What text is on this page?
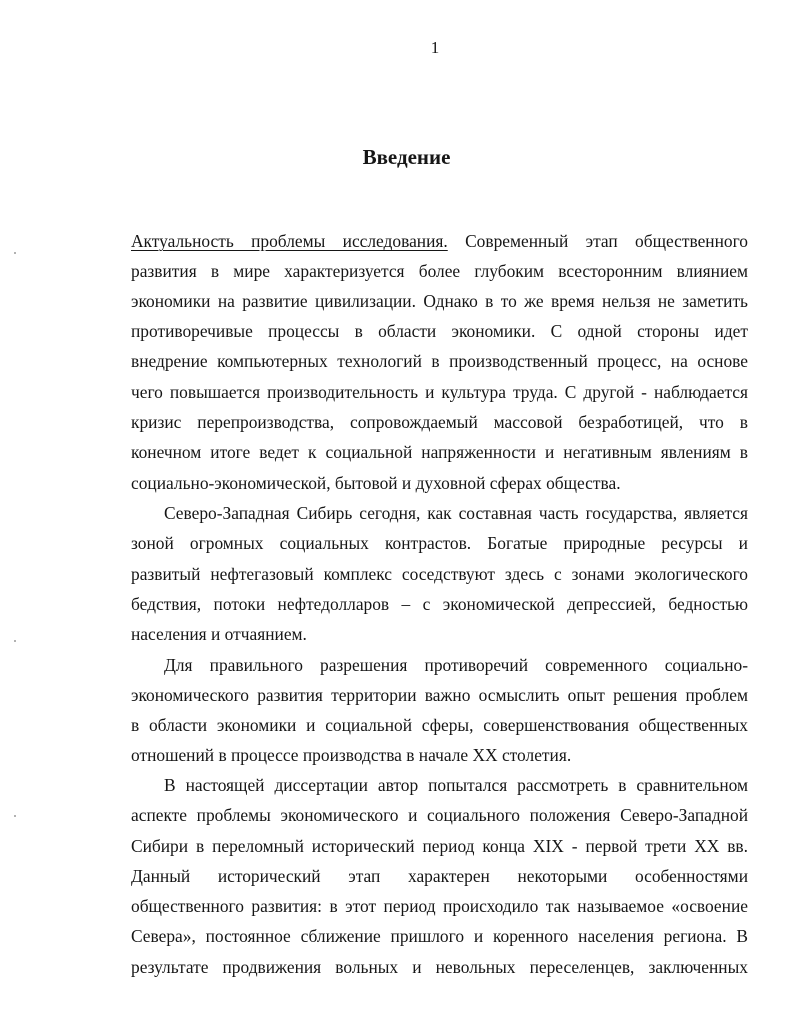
1
Введение
Актуальность проблемы исследования. Современный этап общественного
развития в мире характеризуется более глубоким всесторонним влиянием
экономики на развитие цивилизации. Однако в то же время нельзя не заметить
противоречивые процессы в области экономики. С одной стороны идет
внедрение компьютерных технологий в производственный процесс, на основе
чего повышается производительность и культура труда. С другой - наблюдается
кризис перепроизводства, сопровождаемый массовой безработицей, что в
конечном итоге ведет к социальной напряженности и негативным явлениям в
социально-экономической, бытовой и духовной сферах общества.
Северо-Западная Сибирь сегодня, как составная часть государства, является
зоной огромных социальных контрастов. Богатые природные ресурсы и
развитый нефтегазовый комплекс соседствуют здесь с зонами экологического
бедствия, потоки нефтедолларов – с экономической депрессией, бедностью
населения и отчаянием.
Для правильного разрешения противоречий современного социально-
экономического развития территории важно осмыслить опыт решения проблем
в области экономики и социальной сферы, совершенствования общественных
отношений в процессе производства в начале XX столетия.
В настоящей диссертации автор попытался рассмотреть в сравнительном
аспекте проблемы экономического и социального положения Северо-Западной
Сибири в переломный исторический период конца XIX - первой трети XX вв.
Данный исторический этап характерен некоторыми особенностями
общественного развития: в этот период происходило так называемое «освоение
Севера», постоянное сближение пришлого и коренного населения региона. В
результате продвижения вольных и невольных переселенцев, заключенных
